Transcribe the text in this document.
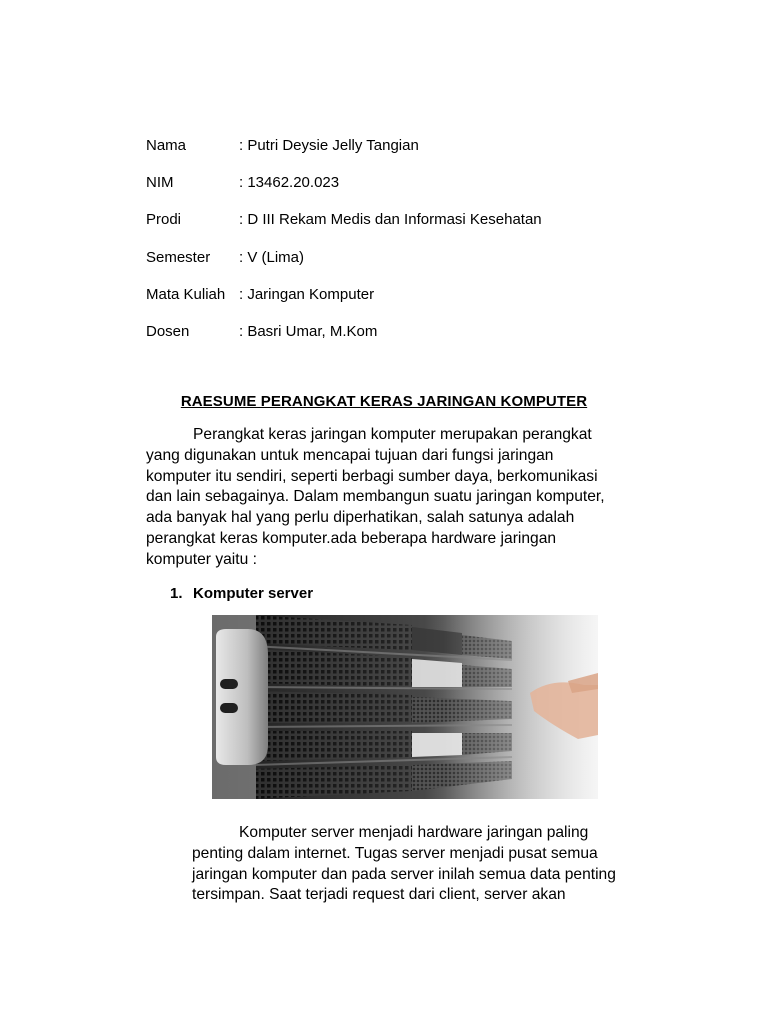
Nama	: Putri Deysie Jelly Tangian
NIM	: 13462.20.023
Prodi	: D III Rekam Medis dan Informasi Kesehatan
Semester	: V (Lima)
Mata Kuliah : Jaringan Komputer
Dosen	: Basri Umar, M.Kom
RAESUME PERANGKAT KERAS JARINGAN KOMPUTER

Perangkat keras jaringan komputer merupakan perangkat

yang digunakan untuk mencapai tujuan dari fungsi jaringan

komputer itu sendiri, seperti berbagi sumber daya, berkomunikasi

dan lain sebagainya. Dalam membangun suatu jaringan komputer,

ada banyak hal yang perlu diperhatikan, salah satunya adalah

perangkat keras komputer.ada beberapa hardware jaringan

komputer yaitu :

1. Komputer server

Komputer server menjadi hardware jaringan paling

penting dalam internet. Tugas server menjadi pusat semua

jaringan komputer dan pada server inilah semua data penting

tersimpan. Saat terjadi request dari client, server akan
